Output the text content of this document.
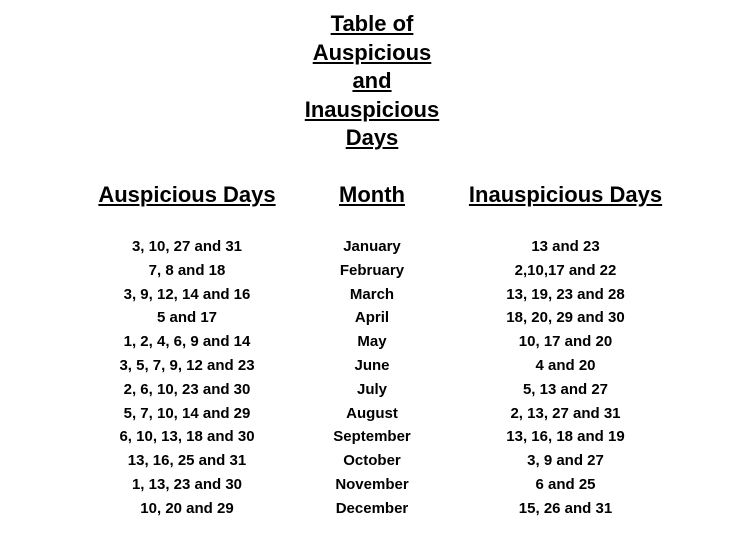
Table of
Auspicious
and
Inauspicious
Days
Auspicious Days	Month	Inauspicious Days
3, 10, 27 and 31	January	13 and 23
7, 8 and 18	February	2,10,17 and 22
3, 9, 12, 14 and 16	March	13, 19, 23 and 28
5 and 17	April	18, 20, 29 and 30
1, 2, 4, 6, 9 and 14	May	10, 17 and 20
3, 5, 7, 9, 12 and 23	June	4 and 20
2, 6, 10, 23 and 30	July	5, 13 and 27
5, 7, 10, 14 and 29	August	2, 13, 27 and 31
6, 10, 13, 18 and 30	September	13, 16, 18 and 19
13, 16, 25 and 31	October	3, 9 and 27
1, 13, 23 and 30	November	6 and 25
10, 20 and 29	December	15, 26 and 31
